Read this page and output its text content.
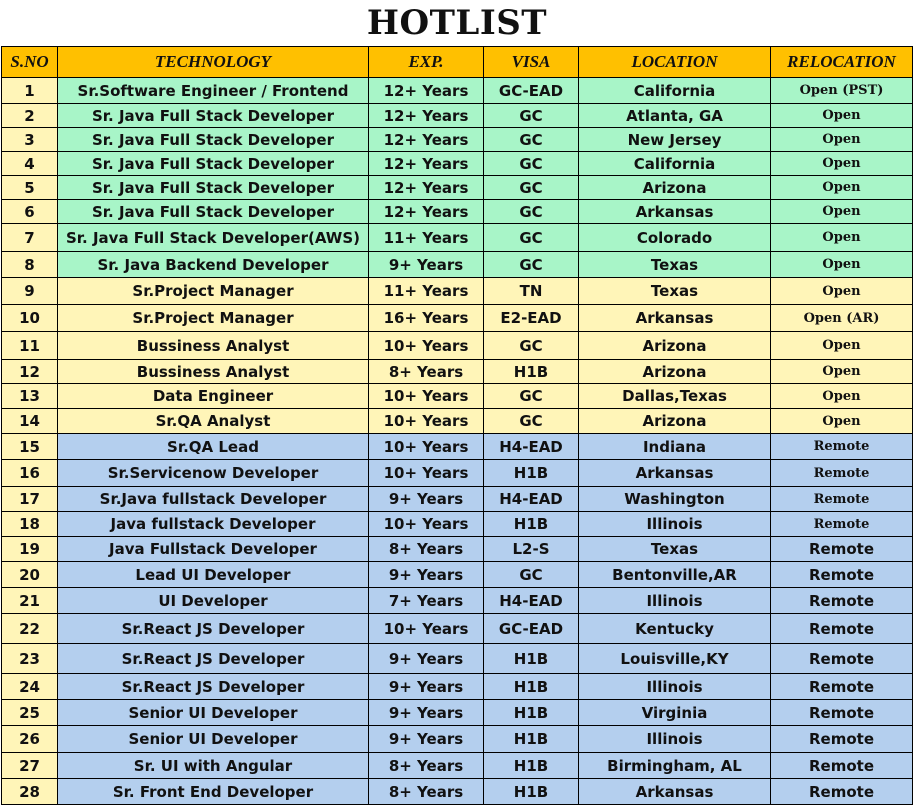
HOTLIST
S.NO	TECHNOLOGY	EXP.	VISA	LOCATION	RELOCATION
1	Sr.Software Engineer / Frontend	12+ Years	GC-EAD	California	Open (PST)
2	Sr. Java Full Stack Developer	12+ Years	GC	Atlanta, GA	Open
3	Sr. Java Full Stack Developer	12+ Years	GC	New Jersey	Open
4	Sr. Java Full Stack Developer	12+ Years	GC	California	Open
5	Sr. Java Full Stack Developer	12+ Years	GC	Arizona	Open
6	Sr. Java Full Stack Developer	12+ Years	GC	Arkansas	Open
7	Sr. Java Full Stack Developer(AWS)	11+ Years	GC	Colorado	Open
8	Sr. Java Backend Developer	9+ Years	GC	Texas	Open
9	Sr.Project Manager	11+ Years	TN	Texas	Open
10	Sr.Project Manager	16+ Years	E2-EAD	Arkansas	Open (AR)
11	Bussiness Analyst	10+ Years	GC	Arizona	Open
12	Bussiness Analyst	8+ Years	H1B	Arizona	Open
13	Data Engineer	10+ Years	GC	Dallas,Texas	Open
14	Sr.QA Analyst	10+ Years	GC	Arizona	Open
15	Sr.QA Lead	10+ Years	H4-EAD	Indiana	Remote
16	Sr.Servicenow Developer	10+ Years	H1B	Arkansas	Remote
17	Sr.Java fullstack Developer	9+ Years	H4-EAD	Washington	Remote
18	Java fullstack Developer	10+ Years	H1B	Illinois	Remote
19	Java Fullstack Developer	8+ Years	L2-S	Texas	Remote
20	Lead UI Developer	9+ Years	GC	Bentonville,AR	Remote
21	UI Developer	7+ Years	H4-EAD	Illinois	Remote
22	Sr.React JS Developer	10+ Years	GC-EAD	Kentucky	Remote
23	Sr.React JS Developer	9+ Years	H1B	Louisville,KY	Remote
24	Sr.React JS Developer	9+ Years	H1B	Illinois	Remote
25	Senior UI Developer	9+ Years	H1B	Virginia	Remote
26	Senior UI Developer	9+ Years	H1B	Illinois	Remote
27	Sr. UI with Angular	8+ Years	H1B	Birmingham, AL	Remote
28	Sr. Front End Developer	8+ Years	H1B	Arkansas	Remote
